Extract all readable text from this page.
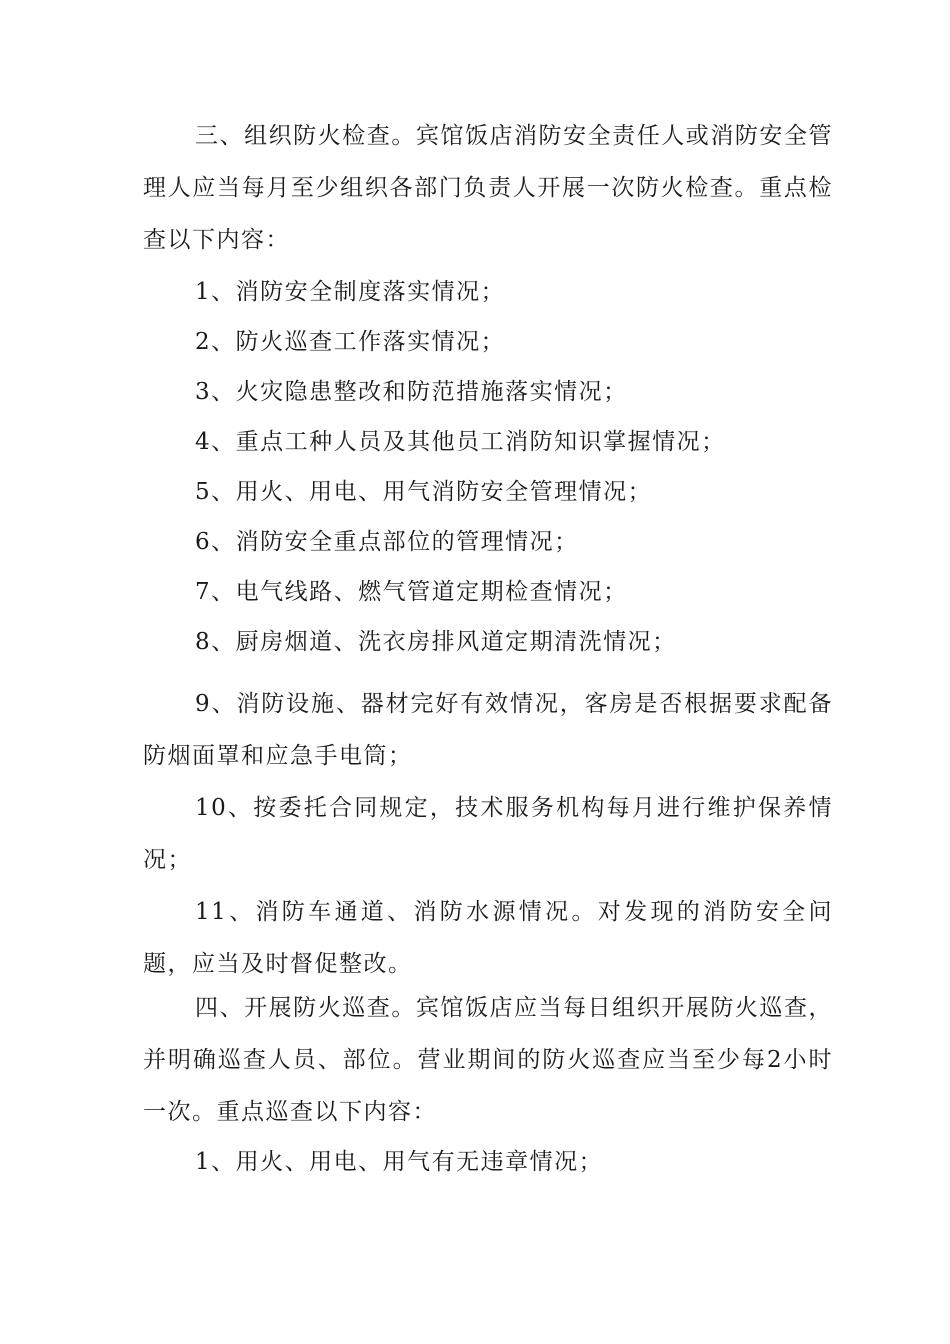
三、组织防火检查。宾馆饭店消防安全责任人或消防安全管理人应当每月至少组织各部门负责人开展一次防火检查。重点检查以下内容：

1、消防安全制度落实情况；

2、防火巡查工作落实情况；

3、火灾隐患整改和防范措施落实情况；

4、重点工种人员及其他员工消防知识掌握情况；

5、用火、用电、用气消防安全管理情况；

6、消防安全重点部位的管理情况；

7、电气线路、燃气管道定期检查情况；

8、厨房烟道、洗衣房排风道定期清洗情况；

9、消防设施、器材完好有效情况，客房是否根据要求配备防烟面罩和应急手电筒；

10、按委托合同规定，技术服务机构每月进行维护保养情况；

11、消防车通道、消防水源情况。对发现的消防安全问题，应当及时督促整改。

四、开展防火巡查。宾馆饭店应当每日组织开展防火巡查，并明确巡查人员、部位。营业期间的防火巡查应当至少每2小时一次。重点巡查以下内容：

1、用火、用电、用气有无违章情况；
